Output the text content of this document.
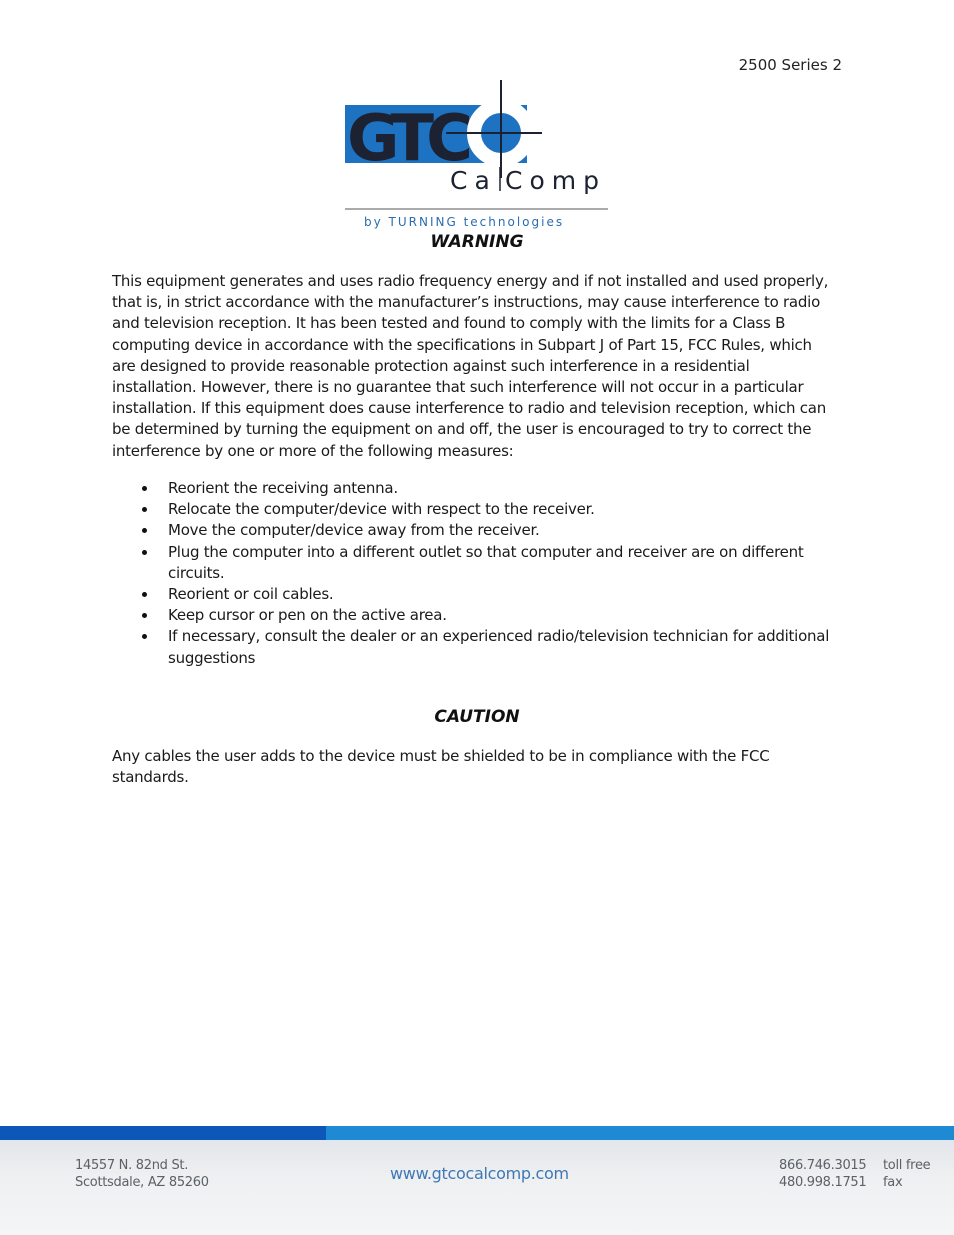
2500 Series 2
GTC
Ca Comp
by TURNING technologies
WARNING

This equipment generates and uses radio frequency energy and if not installed and used properly, that is, in strict accordance with the manufacturer’s instructions, may cause interference to radio and television reception. It has been tested and found to comply with the limits for a Class B computing device in accordance with the specifications in Subpart J of Part 15, FCC Rules, which are designed to provide reasonable protection against such interference in a residential installation. However, there is no guarantee that such interference will not occur in a particular installation. If this equipment does cause interference to radio and television reception, which can be determined by turning the equipment on and off, the user is encouraged to try to correct the interference by one or more of the following measures:

Reorient the receiving antenna.
Relocate the computer/device with respect to the receiver.
Move the computer/device away from the receiver.
Plug the computer into a different outlet so that computer and receiver are on different circuits.
Reorient or coil cables.
Keep cursor or pen on the active area.
If necessary, consult the dealer or an experienced radio/television technician for additional suggestions
CAUTION

Any cables the user adds to the device must be shielded to be in compliance with the FCC standards.

14557 N. 82nd St.
Scottsdale, AZ 85260	www.gtcocalcomp.com	866.746.3015 toll free
480.998.1751 fax
